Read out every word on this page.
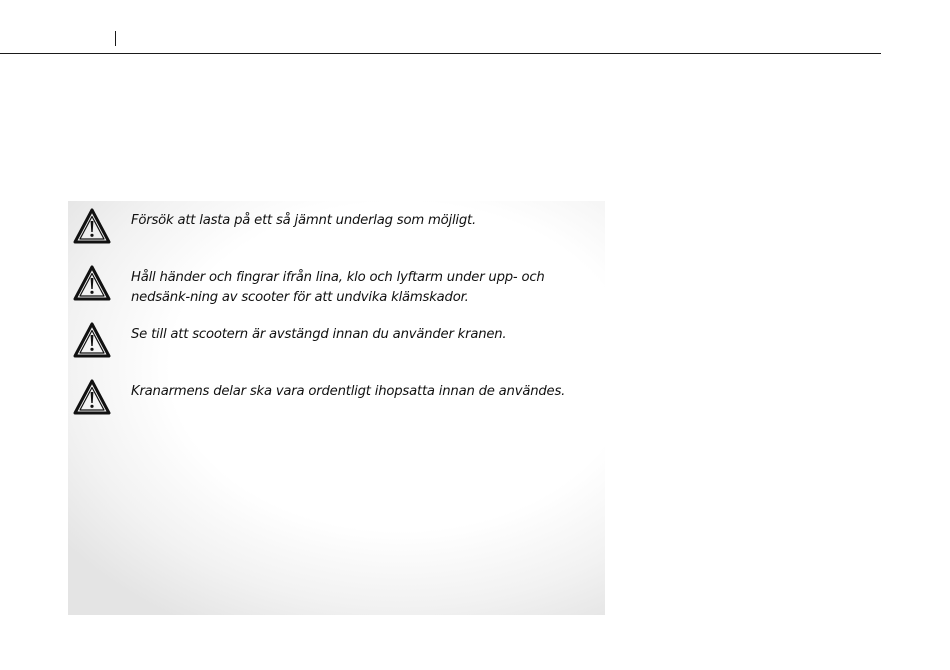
Försök att lasta på ett så jämnt underlag som möjligt.
Håll händer och fingrar ifrån lina, klo och lyftarm under upp- och nedsänk-ning av scooter för att undvika klämskador.
Se till att scootern är avstängd innan du använder kranen.
Kranarmens delar ska vara ordentligt ihopsatta innan de användes.
